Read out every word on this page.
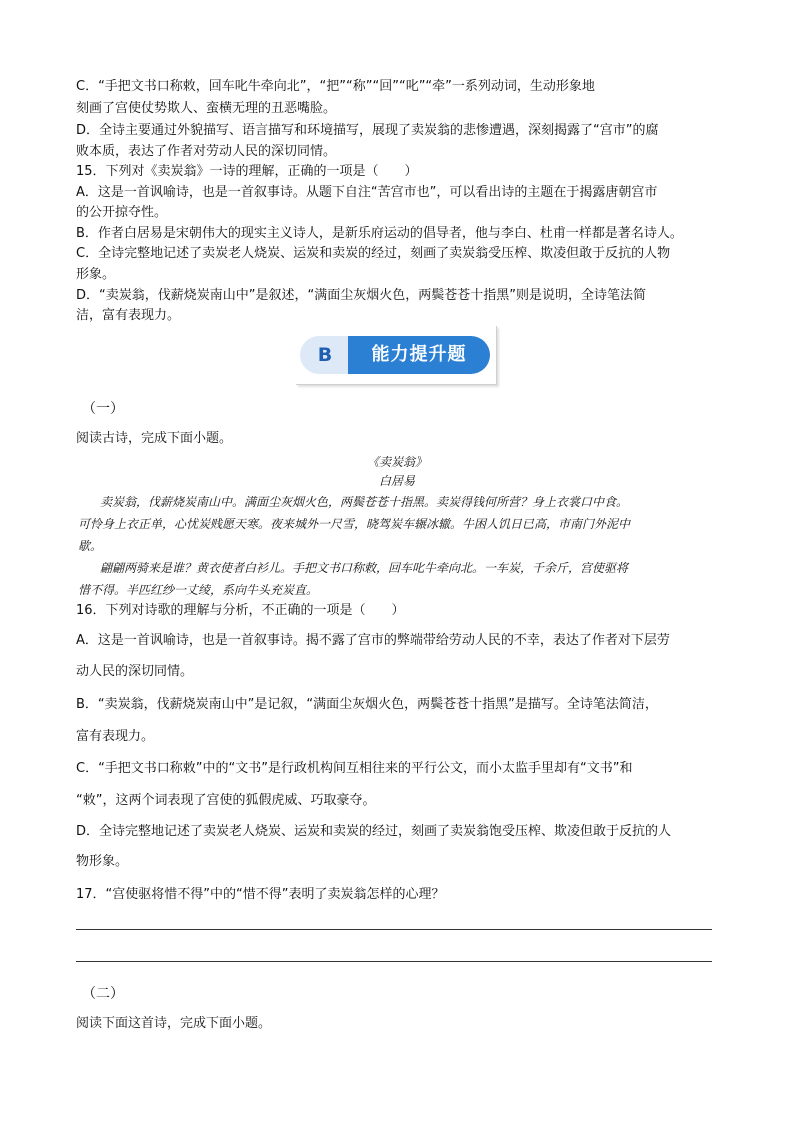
C．“手把文书口称敕，回车叱牛牵向北”，“把”“称”“回”“叱”“牵”一系列动词，生动形象地
刻画了宫使仗势欺人、蛮横无理的丑恶嘴脸。
D．全诗主要通过外貌描写、语言描写和环境描写，展现了卖炭翁的悲惨遭遇，深刻揭露了“宫市”的腐
败本质，表达了作者对劳动人民的深切同情。
15．下列对《卖炭翁》一诗的理解，正确的一项是（　　）
A．这是一首讽喻诗，也是一首叙事诗。从题下自注“苦宫市也”，可以看出诗的主题在于揭露唐朝宫市
的公开掠夺性。
B．作者白居易是宋朝伟大的现实主义诗人，是新乐府运动的倡导者，他与李白、杜甫一样都是著名诗人。
C．全诗完整地记述了卖炭老人烧炭、运炭和卖炭的经过，刻画了卖炭翁受压榨、欺凌但敢于反抗的人物
形象。
D．“卖炭翁，伐薪烧炭南山中”是叙述，“满面尘灰烟火色，两鬓苍苍十指黑”则是说明，全诗笔法简
洁，富有表现力。
B	能力提升题
（一）
阅读古诗，完成下面小题。
《卖炭翁》
白居易
卖炭翁，伐薪烧炭南山中。满面尘灰烟火色，两鬓苍苍十指黑。卖炭得钱何所营？身上衣裳口中食。
可怜身上衣正单，心忧炭贱愿天寒。夜来城外一尺雪，晓驾炭车辗冰辙。牛困人饥日已高，市南门外泥中
歇。
翩翩两骑来是谁？黄衣使者白衫儿。手把文书口称敕，回车叱牛牵向北。一车炭，千余斤，宫使驱将
惜不得。半匹红纱一丈绫，系向牛头充炭直。
16．下列对诗歌的理解与分析，不正确的一项是（　　）
A．这是一首讽喻诗，也是一首叙事诗。揭不露了宫市的弊端带给劳动人民的不幸，表达了作者对下层劳
动人民的深切同情。
B．“卖炭翁，伐薪烧炭南山中”是记叙，“满面尘灰烟火色，两鬓苍苍十指黑”是描写。全诗笔法简洁，
富有表现力。
C．“手把文书口称敕”中的“文书”是行政机构间互相往来的平行公文，而小太监手里却有“文书”和
“敕”，这两个词表现了宫使的狐假虎威、巧取豪夺。
D．全诗完整地记述了卖炭老人烧炭、运炭和卖炭的经过，刻画了卖炭翁饱受压榨、欺凌但敢于反抗的人
物形象。
17．“宫使驱将惜不得”中的“惜不得”表明了卖炭翁怎样的心理？
（二）
阅读下面这首诗，完成下面小题。
